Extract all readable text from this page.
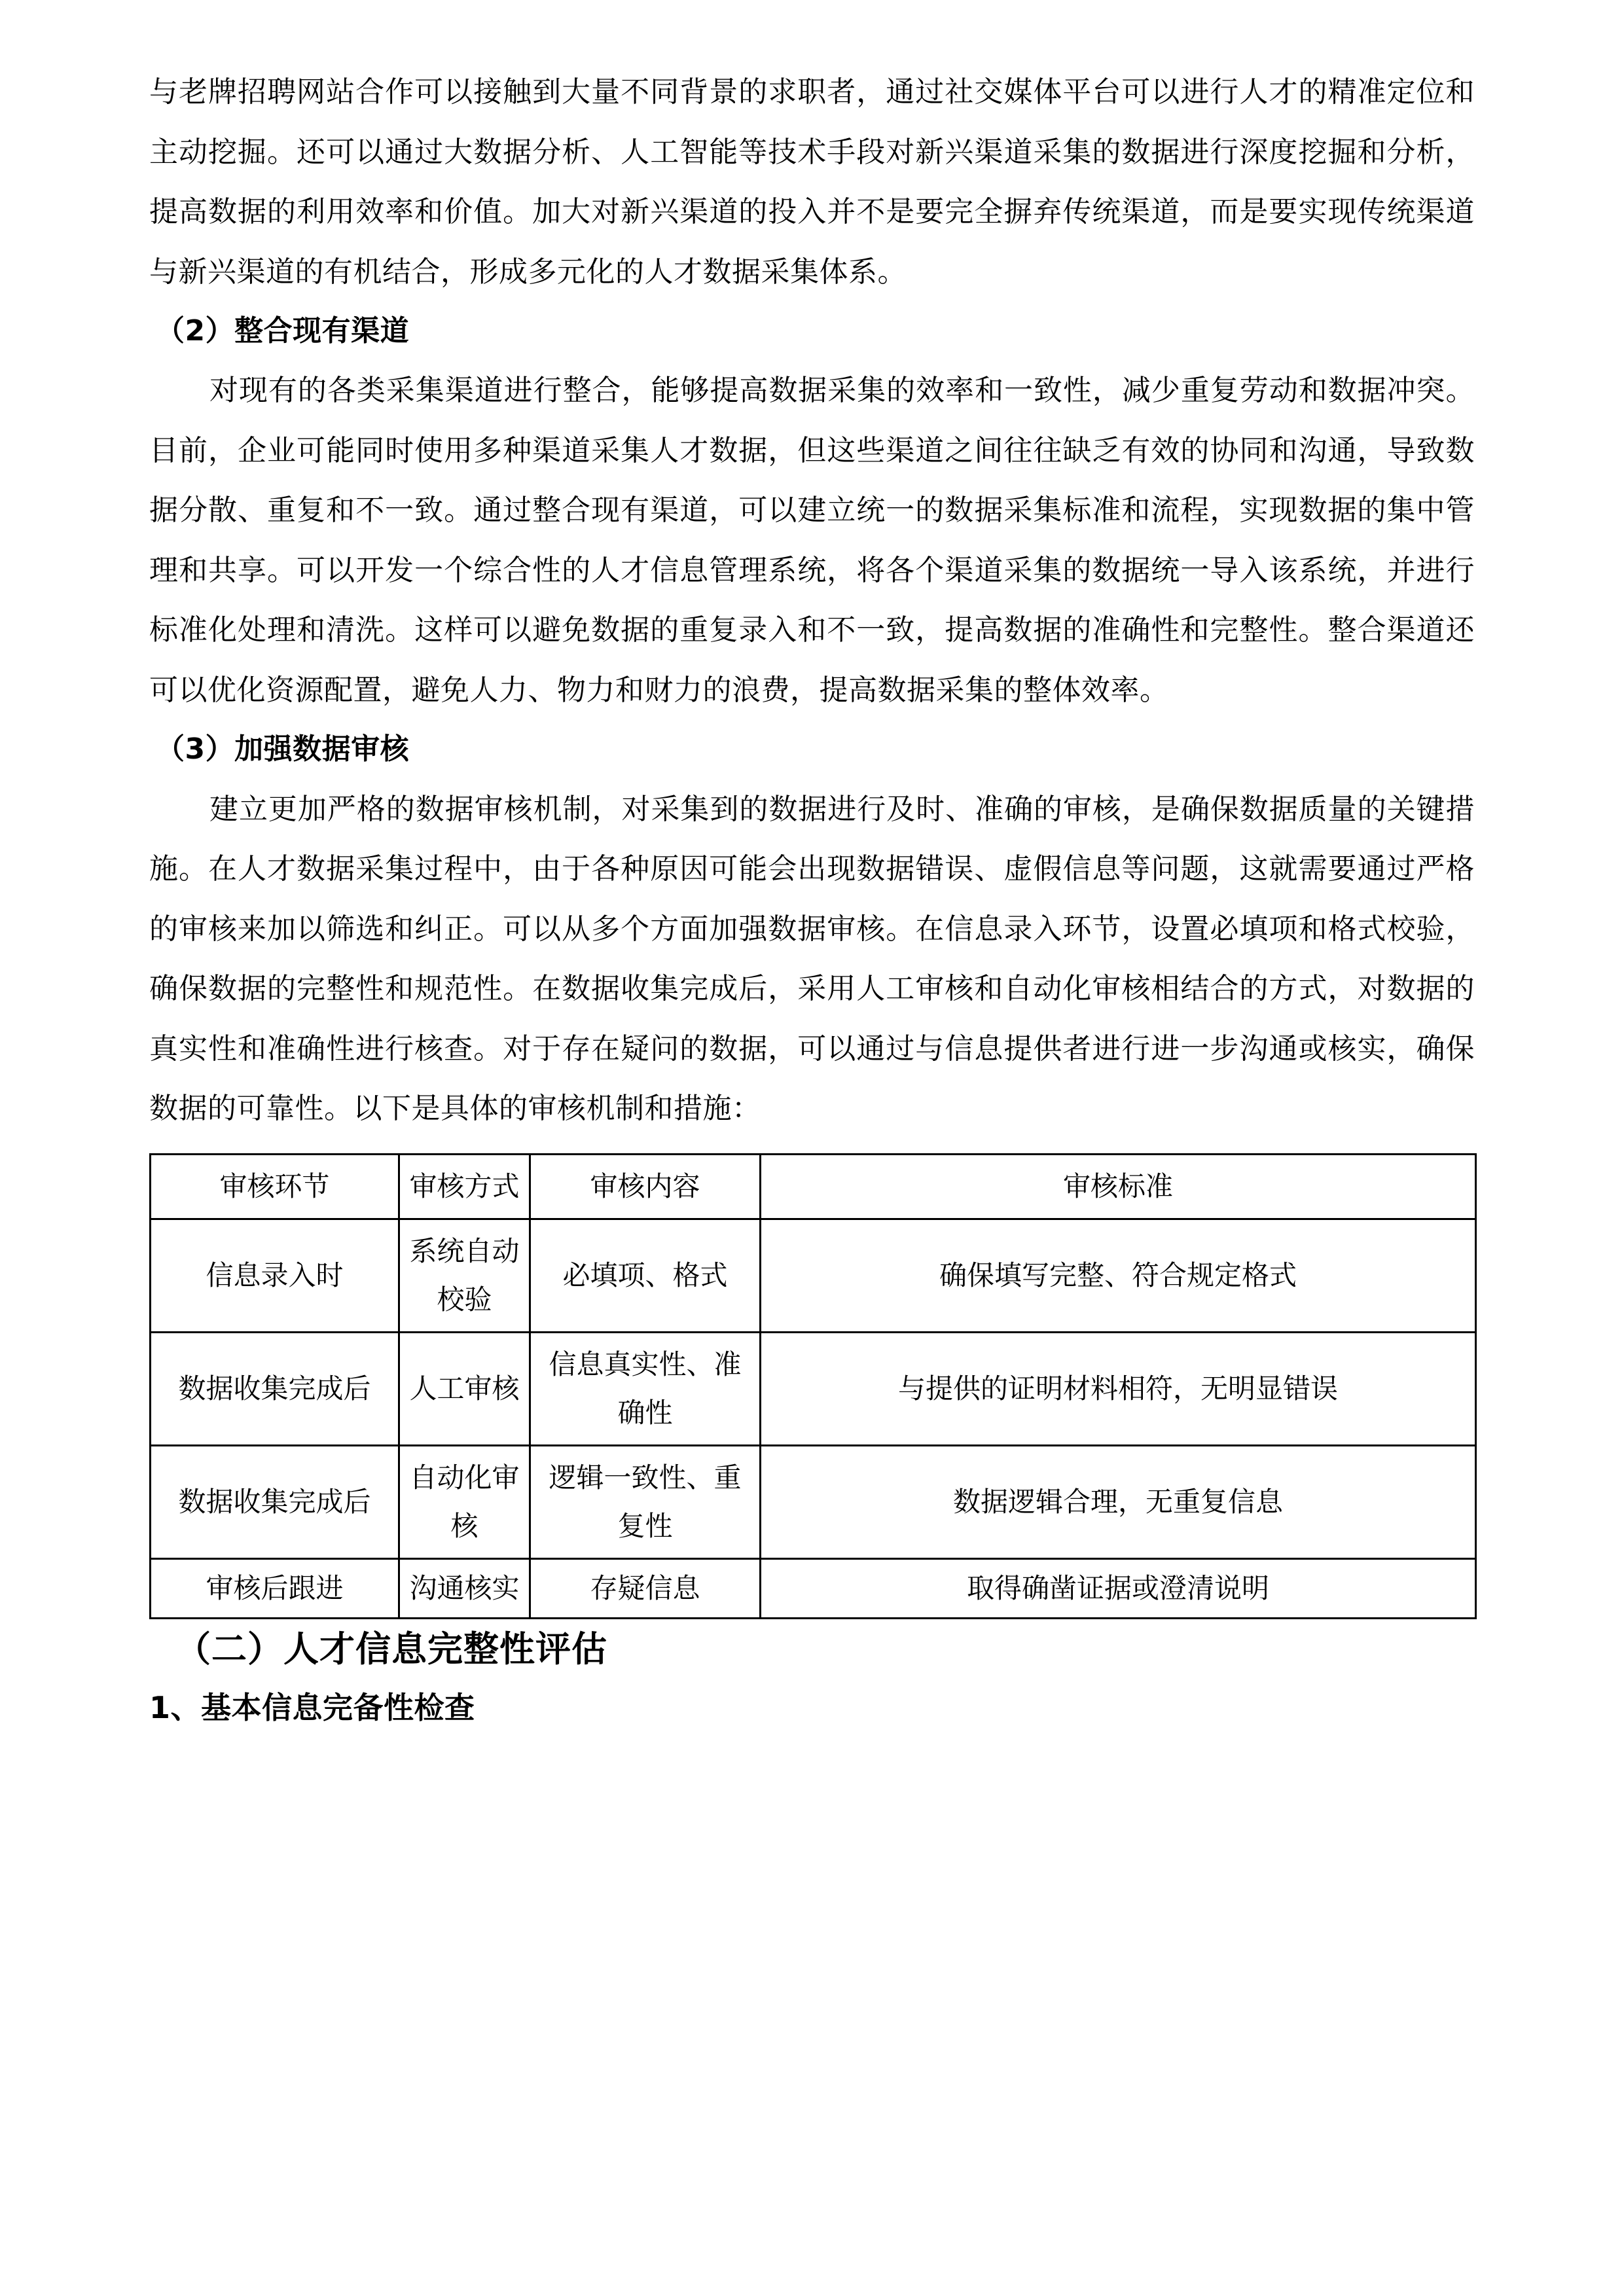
与老牌招聘网站合作可以接触到大量不同背景的求职者，通过社交媒体平台可以进行人才的精准定位和主动挖掘。还可以通过大数据分析、人工智能等技术手段对新兴渠道采集的数据进行深度挖掘和分析，提高数据的利用效率和价值。加大对新兴渠道的投入并不是要完全摒弃传统渠道，而是要实现传统渠道与新兴渠道的有机结合，形成多元化的人才数据采集体系。

（2）整合现有渠道

对现有的各类采集渠道进行整合，能够提高数据采集的效率和一致性，减少重复劳动和数据冲突。目前，企业可能同时使用多种渠道采集人才数据，但这些渠道之间往往缺乏有效的协同和沟通，导致数据分散、重复和不一致。通过整合现有渠道，可以建立统一的数据采集标准和流程，实现数据的集中管理和共享。可以开发一个综合性的人才信息管理系统，将各个渠道采集的数据统一导入该系统，并进行标准化处理和清洗。这样可以避免数据的重复录入和不一致，提高数据的准确性和完整性。整合渠道还可以优化资源配置，避免人力、物力和财力的浪费，提高数据采集的整体效率。

（3）加强数据审核

建立更加严格的数据审核机制，对采集到的数据进行及时、准确的审核，是确保数据质量的关键措施。在人才数据采集过程中，由于各种原因可能会出现数据错误、虚假信息等问题，这就需要通过严格的审核来加以筛选和纠正。可以从多个方面加强数据审核。在信息录入环节，设置必填项和格式校验，确保数据的完整性和规范性。在数据收集完成后，采用人工审核和自动化审核相结合的方式，对数据的真实性和准确性进行核查。对于存在疑问的数据，可以通过与信息提供者进行进一步沟通或核实，确保数据的可靠性。以下是具体的审核机制和措施：

审核环节	审核方式	审核内容	审核标准
信息录入时	系统自动校验	必填项、格式	确保填写完整、符合规定格式
数据收集完成后	人工审核	信息真实性、准确性	与提供的证明材料相符，无明显错误
数据收集完成后	自动化审核	逻辑一致性、重复性	数据逻辑合理，无重复信息
审核后跟进	沟通核实	存疑信息	取得确凿证据或澄清说明

（二）人才信息完整性评估

1、基本信息完备性检查
